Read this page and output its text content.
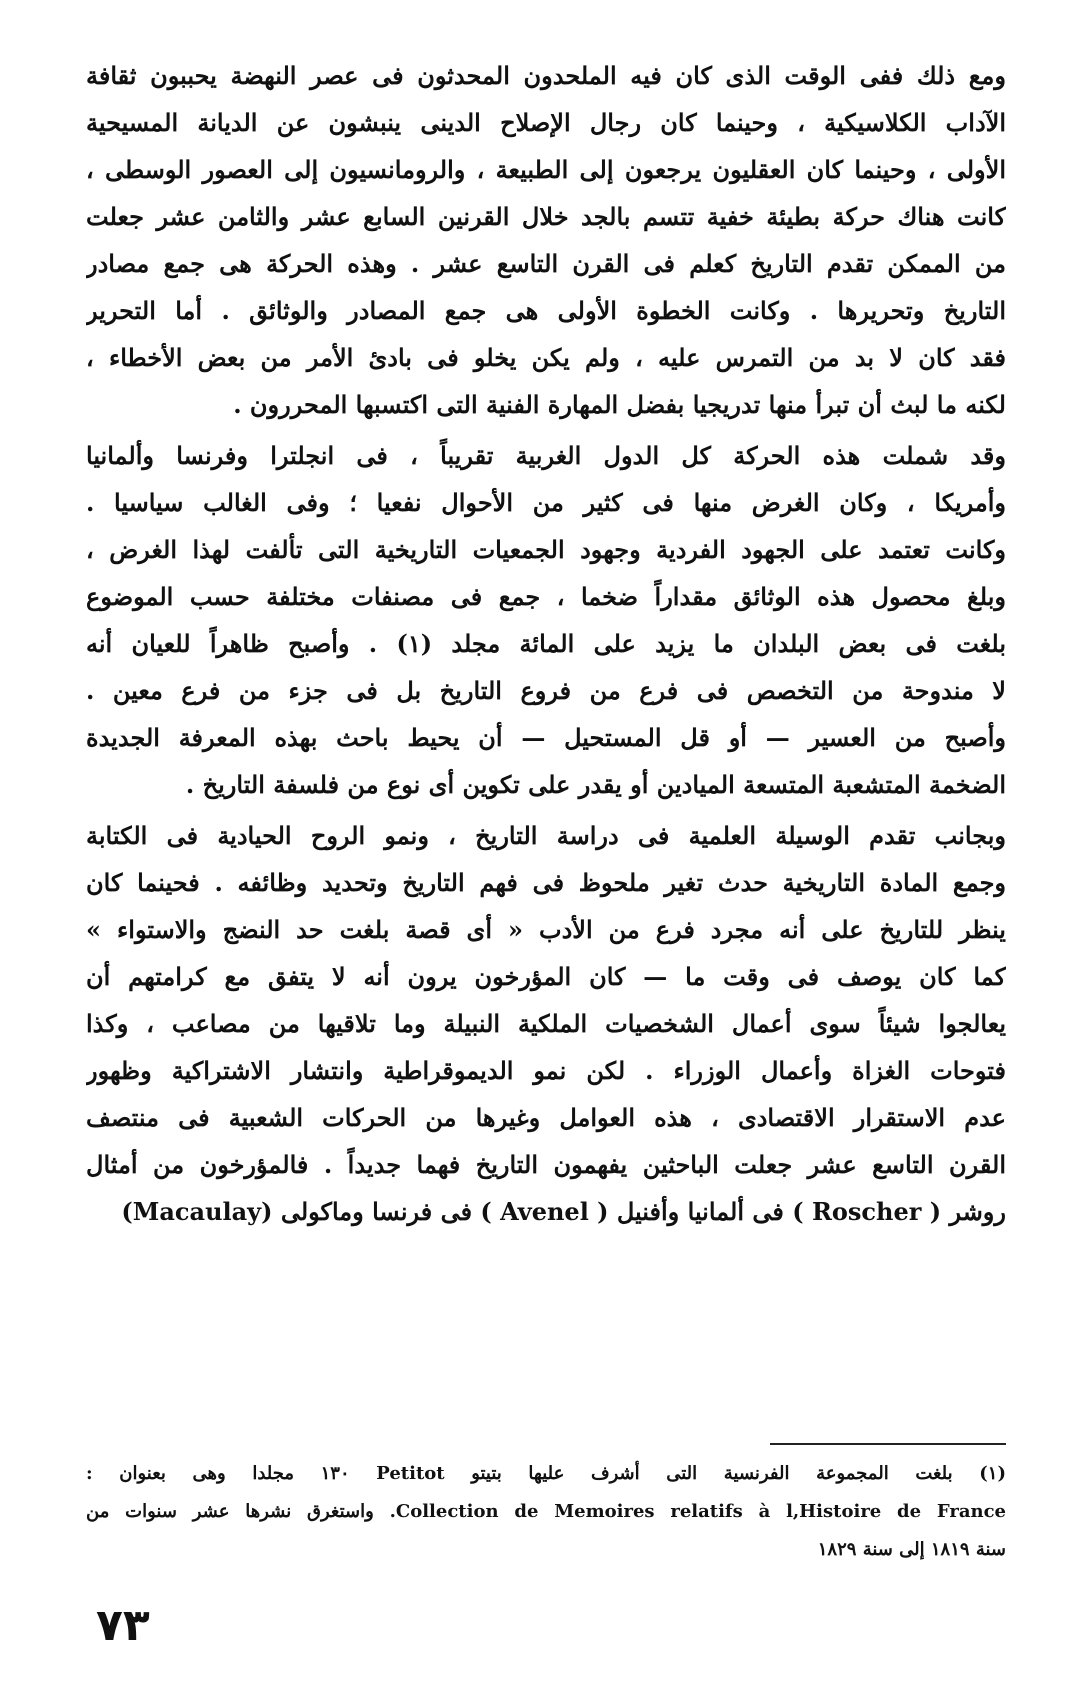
ومع ذلك ففى الوقت الذى كان فيه الملحدون المحدثون فى عصر النهضة يحببون ثقافة
الآداب الكلاسيكية ، وحينما كان رجال الإصلاح الدينى ينبشون عن الديانة المسيحية
الأولى ، وحينما كان العقليون يرجعون إلى الطبيعة ، والرومانسيون إلى العصور الوسطى ،
كانت هناك حركة بطيئة خفية تتسم بالجد خلال القرنين السابع عشر والثامن عشر جعلت
من الممكن تقدم التاريخ كعلم فى القرن التاسع عشر . وهذه الحركة هى جمع مصادر
التاريخ وتحريرها . وكانت الخطوة الأولى هى جمع المصادر والوثائق . أما التحرير
فقد كان لا بد من التمرس عليه ، ولم يكن يخلو فى بادئ الأمر من بعض الأخطاء ،
لكنه ما لبث أن تبرأ منها تدريجيا بفضل المهارة الفنية التى اكتسبها المحررون .
وقد شملت هذه الحركة كل الدول الغربية تقريباً ، فى انجلترا وفرنسا وألمانيا
وأمريكا ، وكان الغرض منها فى كثير من الأحوال نفعيا ؛ وفى الغالب سياسيا .
وكانت تعتمد على الجهود الفردية وجهود الجمعيات التاريخية التى تألفت لهذا الغرض ،
وبلغ محصول هذه الوثائق مقداراً ضخما ، جمع فى مصنفات مختلفة حسب الموضوع
بلغت فى بعض البلدان ما يزيد على المائة مجلد (١) . وأصبح ظاهراً للعيان أنه
لا مندوحة من التخصص فى فرع من فروع التاريخ بل فى جزء من فرع معين .
وأصبح من العسير — أو قل المستحيل — أن يحيط باحث بهذه المعرفة الجديدة
الضخمة المتشعبة المتسعة الميادين أو يقدر على تكوين أى نوع من فلسفة التاريخ .
وبجانب تقدم الوسيلة العلمية فى دراسة التاريخ ، ونمو الروح الحيادية فى الكتابة
وجمع المادة التاريخية حدث تغير ملحوظ فى فهم التاريخ وتحديد وظائفه . فحينما كان
ينظر للتاريخ على أنه مجرد فرع من الأدب « أى قصة بلغت حد النضج والاستواء »
كما كان يوصف فى وقت ما — كان المؤرخون يرون أنه لا يتفق مع كرامتهم أن
يعالجوا شيئاً سوى أعمال الشخصيات الملكية النبيلة وما تلاقيها من مصاعب ، وكذا
فتوحات الغزاة وأعمال الوزراء . لكن نمو الديموقراطية وانتشار الاشتراكية وظهور
عدم الاستقرار الاقتصادى ، هذه العوامل وغيرها من الحركات الشعبية فى منتصف
القرن التاسع عشر جعلت الباحثين يفهمون التاريخ فهما جديداً . فالمؤرخون من أمثال
روشر ( Roscher ) فى ألمانيا وأفنيل ( Avenel ) فى فرنسا وماكولى (Macaulay)
(١) بلغت المجموعة الفرنسية التى أشرف عليها بتيتو Petitot ١٣٠ مجلدا وهى بعنوان :
Collection de Memoires relatifs à l,Histoire de France. واستغرق نشرها عشر سنوات من
سنة ١٨١٩ إلى سنة ١٨٢٩
٧٣
